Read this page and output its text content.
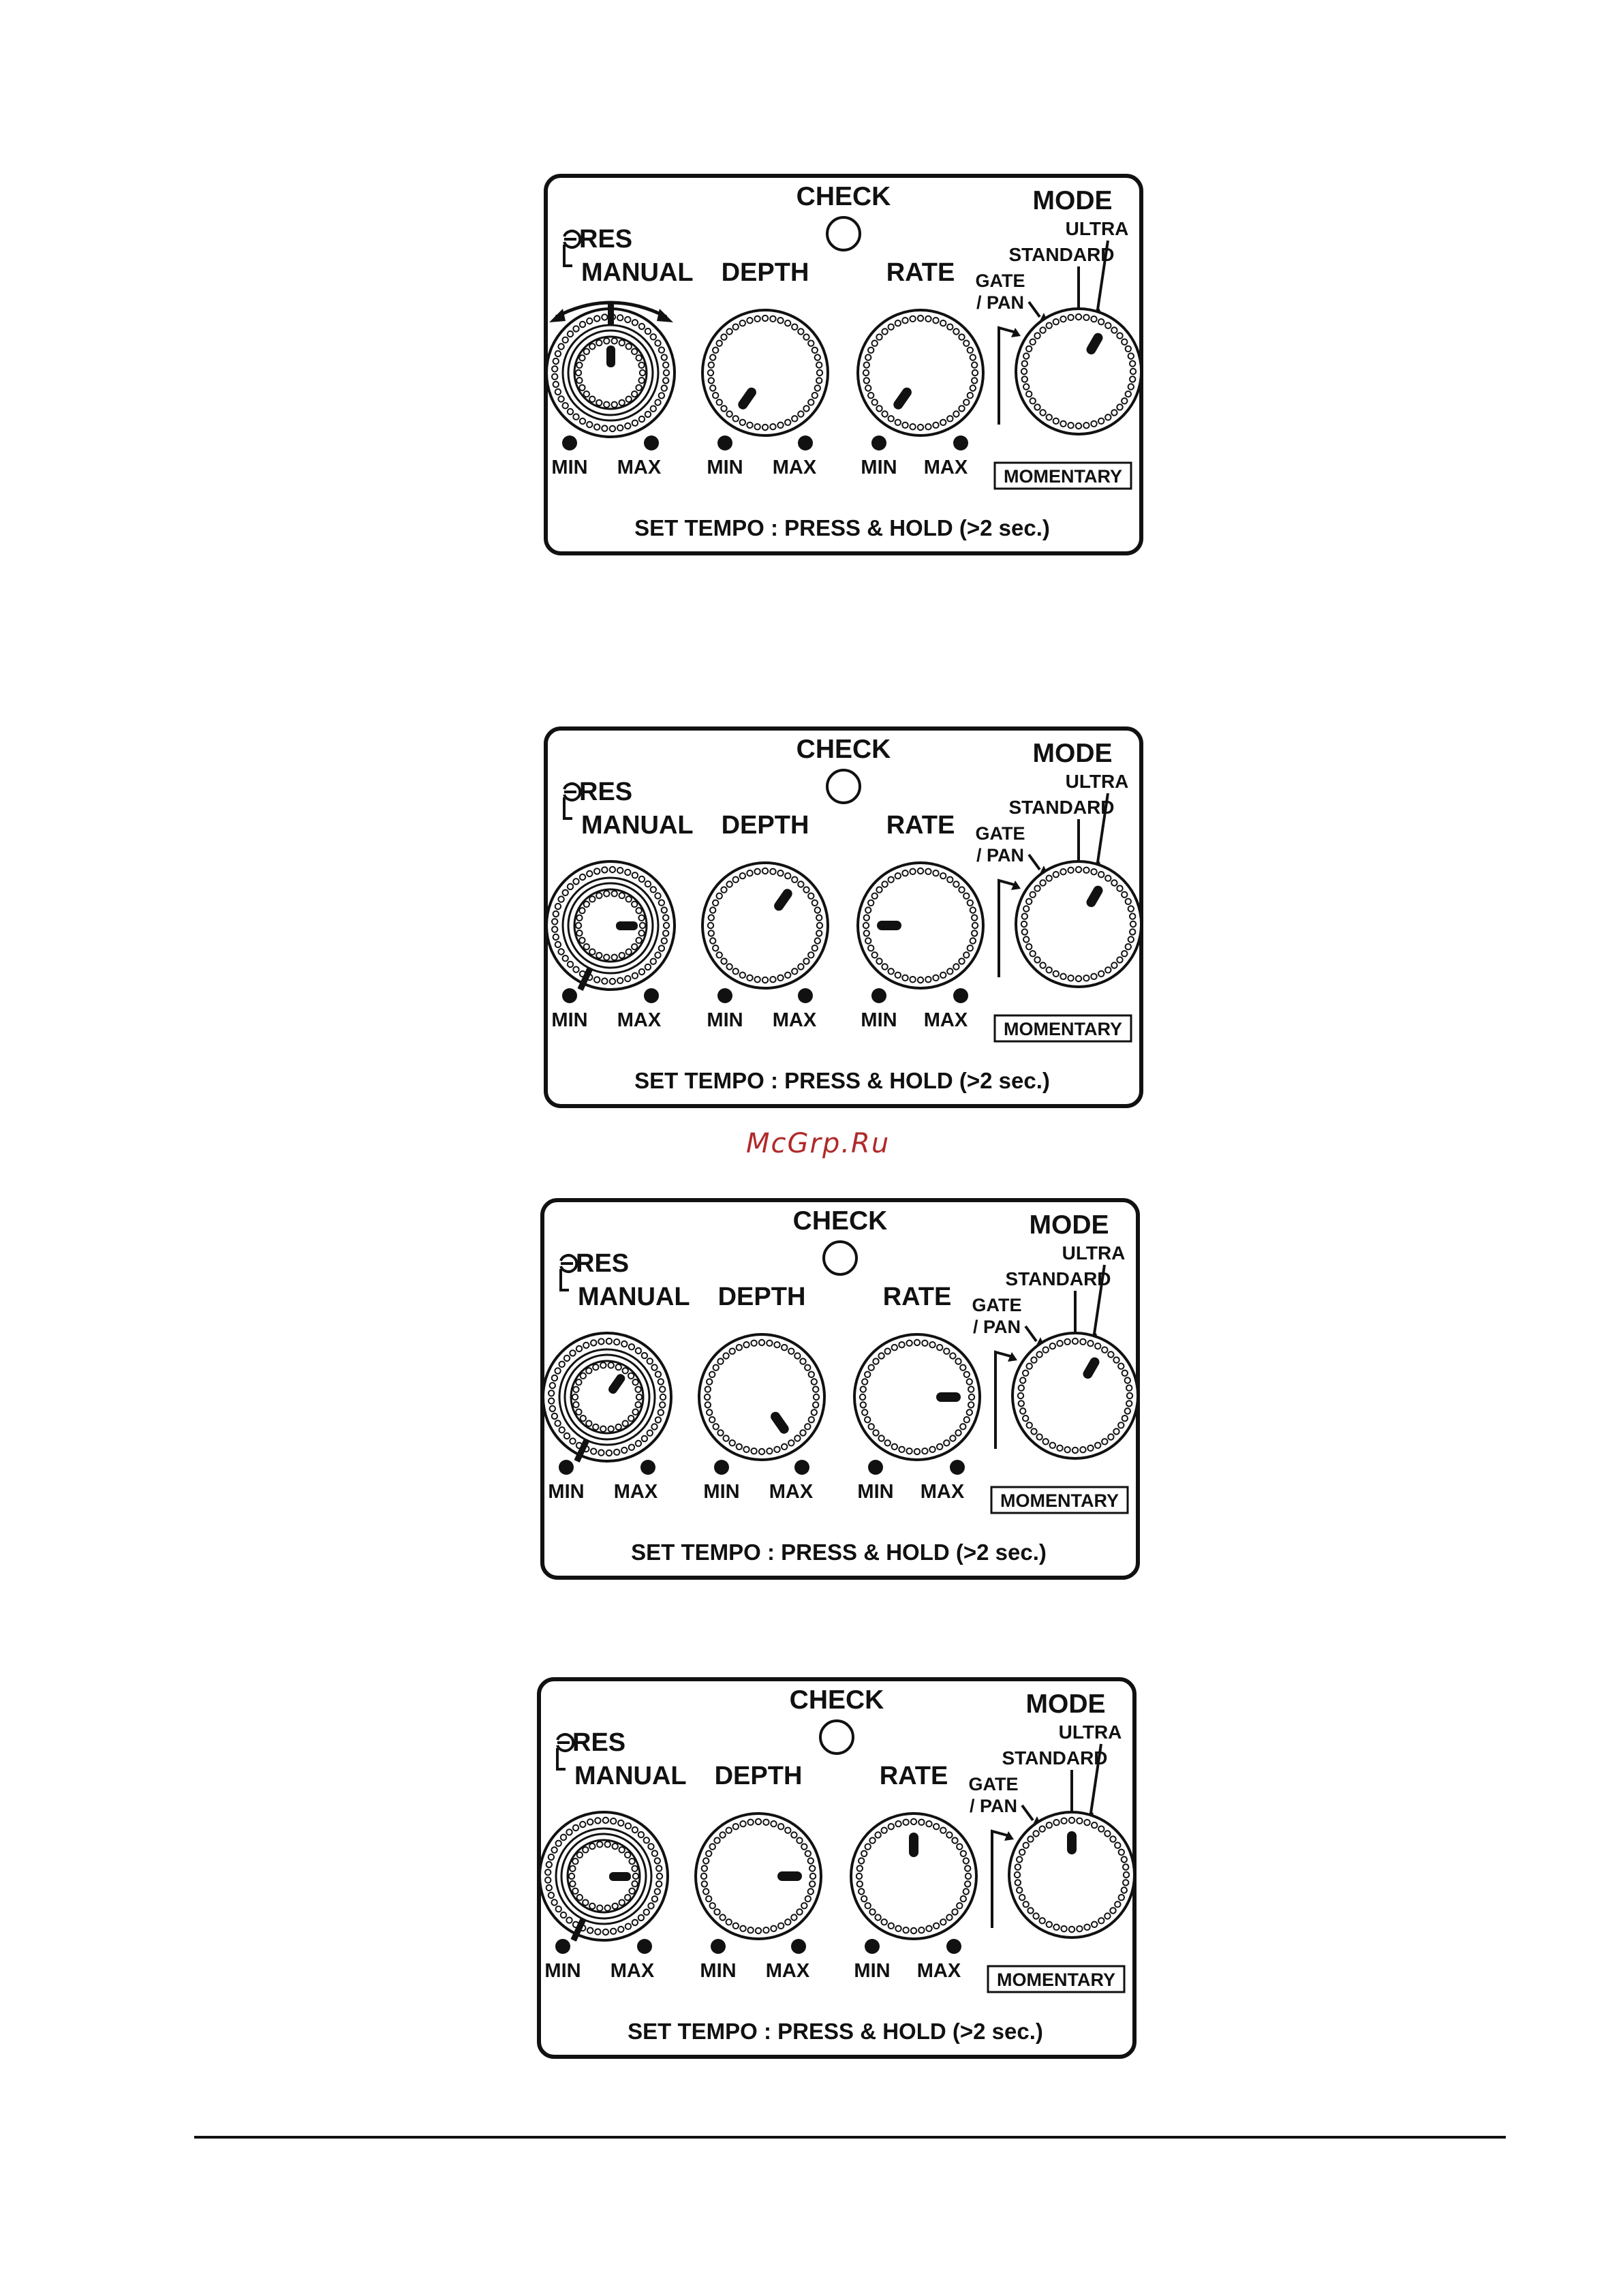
CHECK	MODE
RES
MANUAL DEPTH	RATE
MIN MAX MIN MAX MIN MAX
ULTRA
STANDARD
GATE
/ PAN
MOMENTARY
SET TEMPO : PRESS & HOLD (>2 sec.)
CHECK	MODE
RES
MANUAL DEPTH	RATE
MIN MAX MIN MAX MIN MAX
ULTRA
STANDARD
GATE
/ PAN
MOMENTARY
SET TEMPO : PRESS & HOLD (>2 sec.)
CHECK	MODE
RES
MANUAL DEPTH	RATE
MIN MAX MIN MAX MIN MAX
ULTRA
STANDARD
GATE
/ PAN
MOMENTARY
SET TEMPO : PRESS & HOLD (>2 sec.)
CHECK	MODE
RES
MANUAL DEPTH	RATE
MIN MAX MIN MAX MIN MAX
ULTRA
STANDARD
GATE
/ PAN
MOMENTARY
SET TEMPO : PRESS & HOLD (>2 sec.)
McGrp.Ru
